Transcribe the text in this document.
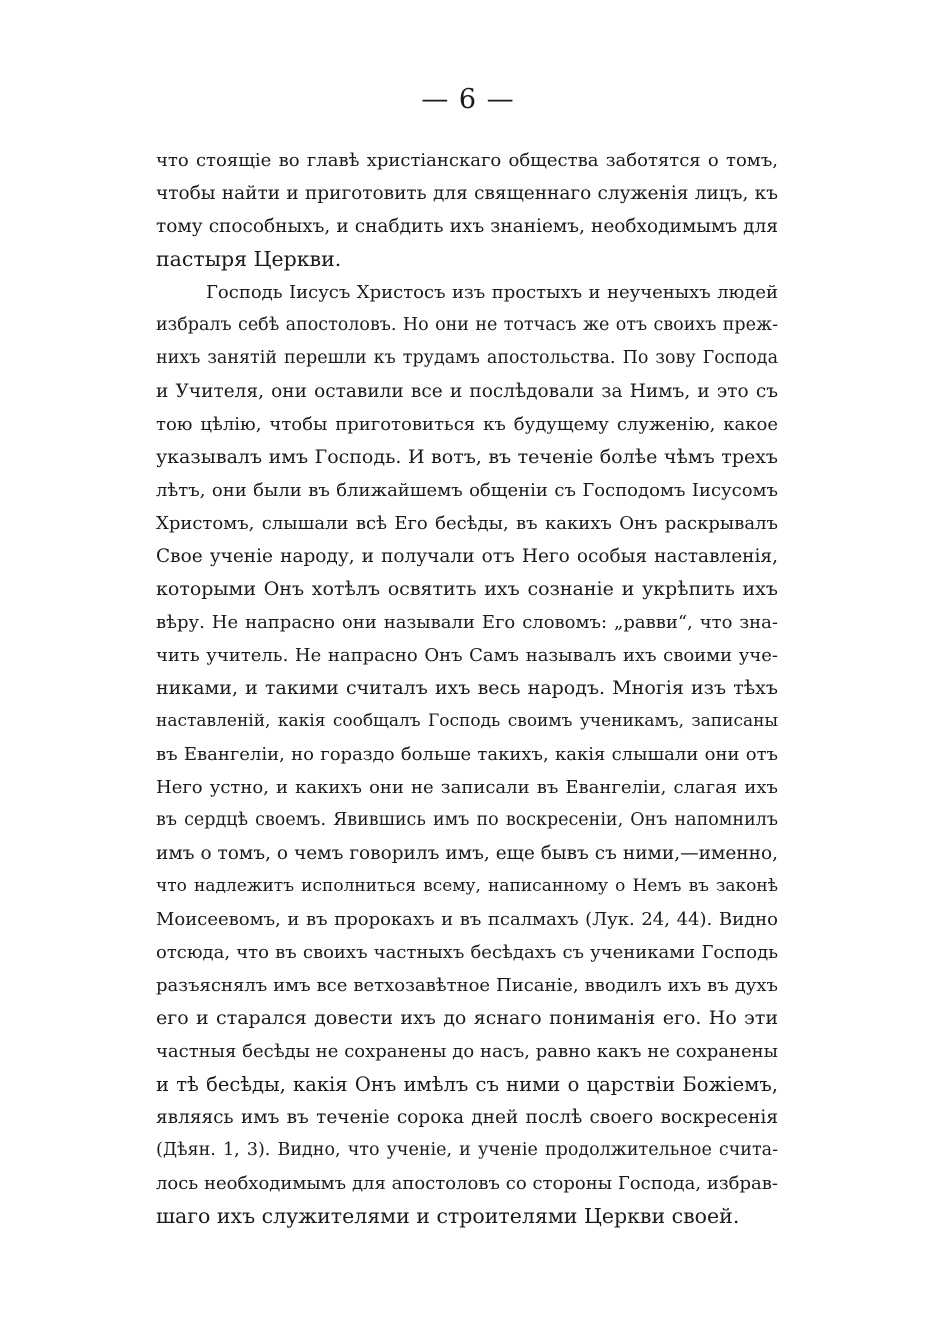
— 6 —
что стоящіе во главѣ христіанскаго общества заботятся о томъ,
чтобы найти и приготовить для священнаго служенія лицъ, къ
тому способныхъ, и снабдить ихъ знаніемъ, необходимымъ для
пастыря Церкви.
Господь Іисусъ Христосъ изъ простыхъ и неученыхъ людей
избралъ себѣ апостоловъ. Но они не тотчасъ же отъ своихъ преж-
нихъ занятій перешли къ трудамъ апостольства. По зову Господа
и Учителя, они оставили все и послѣдовали за Нимъ, и это съ
тою цѣлію, чтобы приготовиться къ будущему служенію, какое
указывалъ имъ Господь. И вотъ, въ теченіе болѣе чѣмъ трехъ
лѣтъ, они были въ ближайшемъ общеніи съ Господомъ Іисусомъ
Христомъ, слышали всѣ Его бесѣды, въ какихъ Онъ раскрывалъ
Свое ученіе народу, и получали отъ Него особыя наставленія,
которыми Онъ хотѣлъ освятить ихъ сознаніе и укрѣпить ихъ
вѣру. Не напрасно они называли Его словомъ: „равви“, что зна-
чить учитель. Не напрасно Онъ Самъ называлъ ихъ своими уче-
никами, и такими считалъ ихъ весь народъ. Многія изъ тѣхъ
наставленій, какія сообщалъ Господь своимъ ученикамъ, записаны
въ Евангеліи, но гораздо больше такихъ, какія слышали они отъ
Него устно, и какихъ они не записали въ Евангеліи, слагая ихъ
въ сердцѣ своемъ. Явившись имъ по воскресеніи, Онъ напомнилъ
имъ о томъ, о чемъ говорилъ имъ, еще бывъ съ ними,—именно,
что надлежитъ исполниться всему, написанному о Немъ въ законѣ
Моисеевомъ, и въ пророкахъ и въ псалмахъ (Лук. 24, 44). Видно
отсюда, что въ своихъ частныхъ бесѣдахъ съ учениками Господь
разъяснялъ имъ все ветхозавѣтное Писаніе, вводилъ ихъ въ духъ
его и старался довести ихъ до яснаго пониманія его. Но эти
частныя бесѣды не сохранены до насъ, равно какъ не сохранены
и тѣ бесѣды, какія Онъ имѣлъ съ ними о царствіи Божіемъ,
являясь имъ въ теченіе сорока дней послѣ своего воскресенія
(Дѣян. 1, 3). Видно, что ученіе, и ученіе продолжительное счита-
лось необходимымъ для апостоловъ со стороны Господа, избрав-
шаго ихъ служителями и строителями Церкви своей.
